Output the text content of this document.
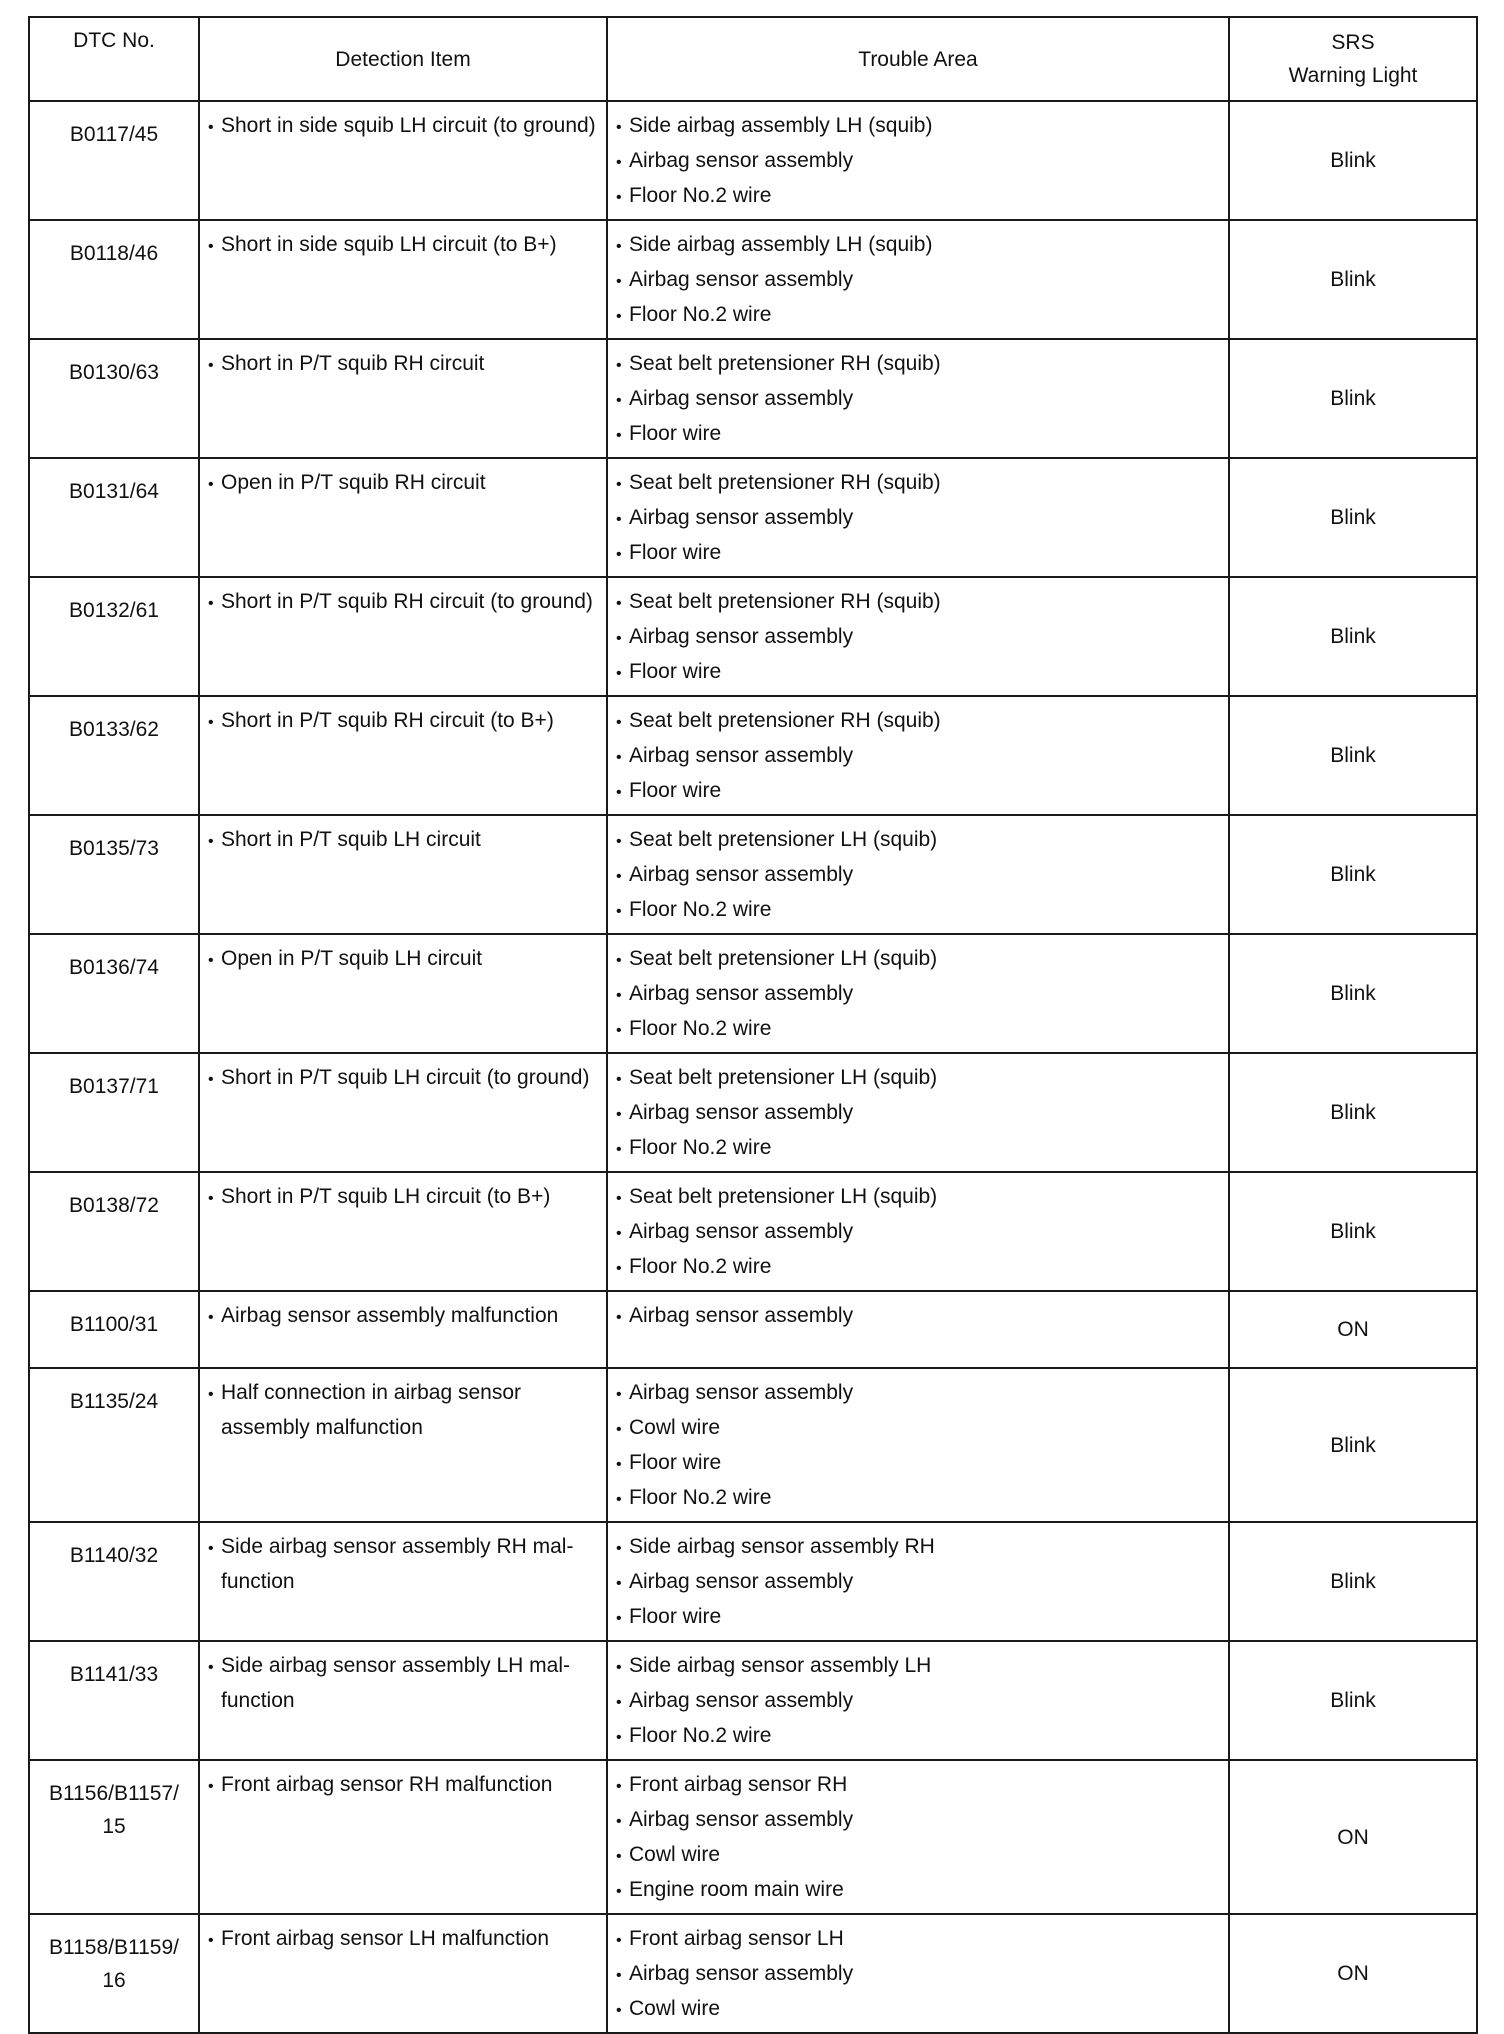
DTC No.	Detection Item	Trouble Area	SRS
Warning Light

B0117/45	• Short in side squib LH circuit (to ground)	• Side airbag assembly LH (squib)
• Airbag sensor assembly
• Floor No.2 wire	Blink

B0118/46	• Short in side squib LH circuit (to B+)	• Side airbag assembly LH (squib)
• Airbag sensor assembly
• Floor No.2 wire	Blink

B0130/63	• Short in P/T squib RH circuit	• Seat belt pretensioner RH (squib)
• Airbag sensor assembly
• Floor wire	Blink

B0131/64	• Open in P/T squib RH circuit	• Seat belt pretensioner RH (squib)
• Airbag sensor assembly
• Floor wire	Blink

B0132/61	• Short in P/T squib RH circuit (to ground)	• Seat belt pretensioner RH (squib)
• Airbag sensor assembly
• Floor wire	Blink

B0133/62	• Short in P/T squib RH circuit (to B+)	• Seat belt pretensioner RH (squib)
• Airbag sensor assembly
• Floor wire	Blink

B0135/73	• Short in P/T squib LH circuit	• Seat belt pretensioner LH (squib)
• Airbag sensor assembly
• Floor No.2 wire	Blink

B0136/74	• Open in P/T squib LH circuit	• Seat belt pretensioner LH (squib)
• Airbag sensor assembly
• Floor No.2 wire	Blink

B0137/71	• Short in P/T squib LH circuit (to ground)	• Seat belt pretensioner LH (squib)
• Airbag sensor assembly
• Floor No.2 wire	Blink

B0138/72	• Short in P/T squib LH circuit (to B+)	• Seat belt pretensioner LH (squib)
• Airbag sensor assembly
• Floor No.2 wire	Blink

B1100/31	• Airbag sensor assembly malfunction	• Airbag sensor assembly	ON

B1135/24	• Half connection in airbag sensor assembly malfunction	• Airbag sensor assembly
• Cowl wire
• Floor wire
• Floor No.2 wire	Blink

B1140/32	• Side airbag sensor assembly RH mal-function	• Side airbag sensor assembly RH
• Airbag sensor assembly
• Floor wire	Blink

B1141/33	• Side airbag sensor assembly LH mal-function	• Side airbag sensor assembly LH
• Airbag sensor assembly
• Floor No.2 wire	Blink

B1156/B1157/
15	• Front airbag sensor RH malfunction	• Front airbag sensor RH
• Airbag sensor assembly
• Cowl wire
• Engine room main wire	ON

B1158/B1159/
16	• Front airbag sensor LH malfunction	• Front airbag sensor LH
• Airbag sensor assembly
• Cowl wire	ON
